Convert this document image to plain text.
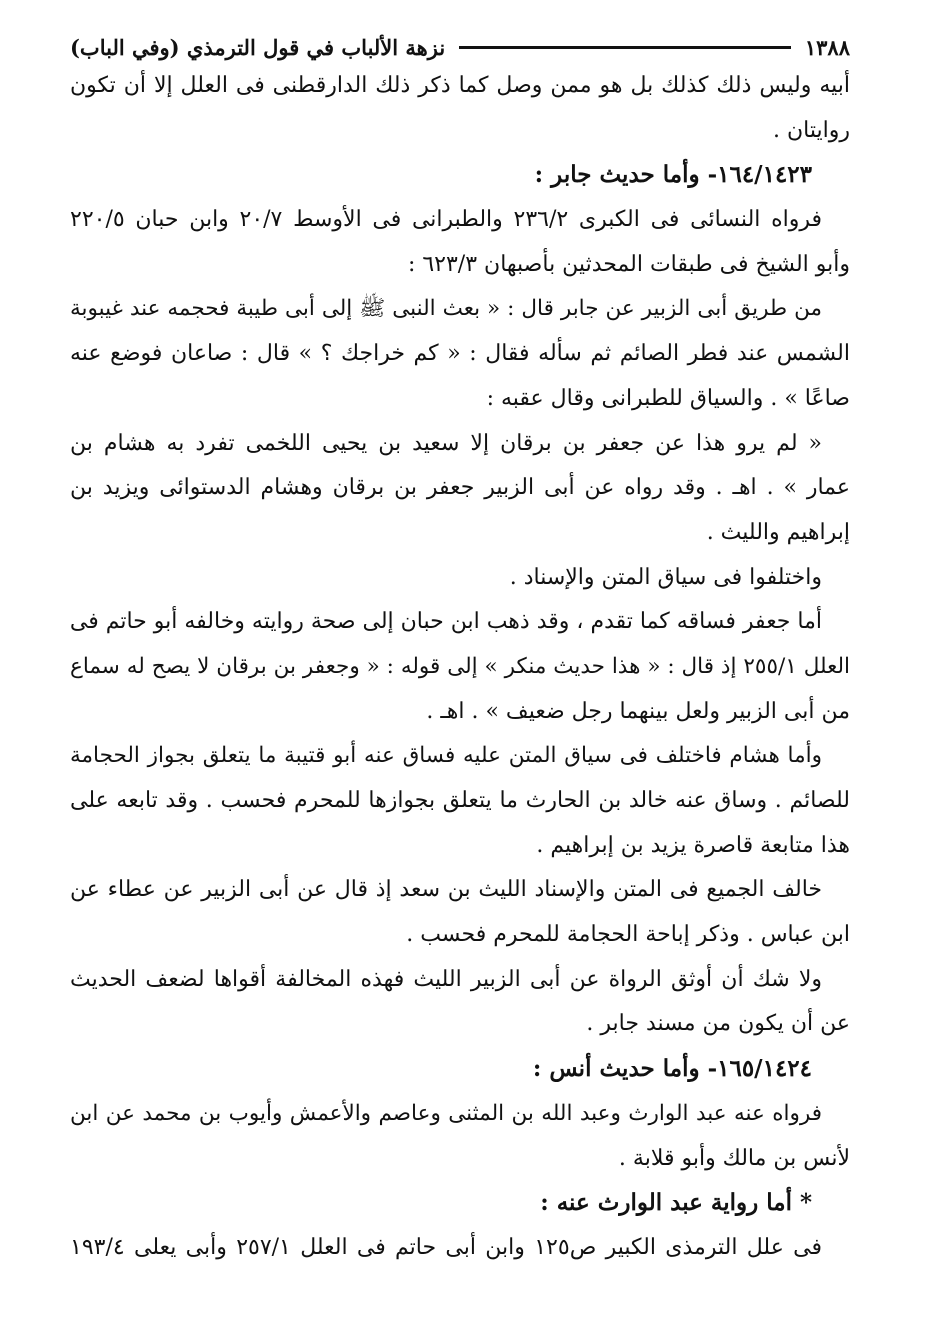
١٣٨٨
نزهة الألباب في قول الترمذي (وفي الباب)
أبيه وليس ذلك كذلك بل هو ممن وصل كما ذكر ذلك الدارقطنى فى العلل إلا أن تكون
روايتان .
١٦٤/١٤٢٣- وأما حديث جابر :
فرواه النسائى فى الكبرى ٢٣٦/٢ والطبرانى فى الأوسط ٢٠/٧ وابن حبان ٢٢٠/٥
وأبو الشيخ فى طبقات المحدثين بأصبهان ٦٢٣/٣ :
من طريق أبى الزبير عن جابر قال : « بعث النبى ﷺ إلى أبى طيبة فحجمه عند غيبوبة
الشمس عند فطر الصائم ثم سأله فقال : « كم خراجك ؟ » قال : صاعان فوضع عنه
صاعًا » . والسياق للطبرانى وقال عقبه :
« لم يرو هذا عن جعفر بن برقان إلا سعيد بن يحيى اللخمى تفرد به هشام بن
عمار » . اهـ . وقد رواه عن أبى الزبير جعفر بن برقان وهشام الدستوائى ويزيد بن
إبراهيم والليث .
واختلفوا فى سياق المتن والإسناد .
أما جعفر فساقه كما تقدم ، وقد ذهب ابن حبان إلى صحة روايته وخالفه أبو حاتم فى
العلل ٢٥٥/١ إذ قال : « هذا حديث منكر » إلى قوله : « وجعفر بن برقان لا يصح له سماع
من أبى الزبير ولعل بينهما رجل ضعيف » . اهـ .
وأما هشام فاختلف فى سياق المتن عليه فساق عنه أبو قتيبة ما يتعلق بجواز الحجامة
للصائم . وساق عنه خالد بن الحارث ما يتعلق بجوازها للمحرم فحسب . وقد تابعه على
هذا متابعة قاصرة يزيد بن إبراهيم .
خالف الجميع فى المتن والإسناد الليث بن سعد إذ قال عن أبى الزبير عن عطاء عن
ابن عباس . وذكر إباحة الحجامة للمحرم فحسب .
ولا شك أن أوثق الرواة عن أبى الزبير الليث فهذه المخالفة أقواها لضعف الحديث
عن أن يكون من مسند جابر .
١٦٥/١٤٢٤- وأما حديث أنس :
فرواه عنه عبد الوارث وعبد الله بن المثنى وعاصم والأعمش وأيوب بن محمد عن ابن
لأنس بن مالك وأبو قلابة .
* أما رواية عبد الوارث عنه :
فى علل الترمذى الكبير ص١٢٥ وابن أبى حاتم فى العلل ٢٥٧/١ وأبى يعلى ١٩٣/٤
